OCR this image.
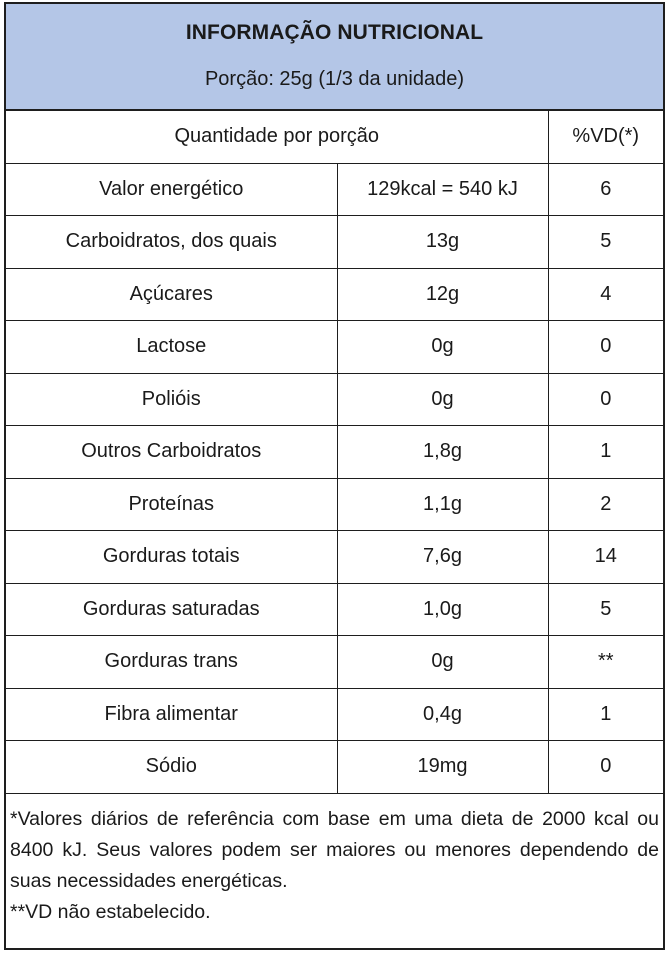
INFORMAÇÃO NUTRICIONAL
Porção: 25g (1/3 da unidade)
Quantidade por porção		%VD(*)
Valor energético	129kcal = 540 kJ	6
Carboidratos, dos quais	13g	5
Açúcares	12g	4
Lactose	0g	0
Polióis	0g	0
Outros Carboidratos	1,8g	1
Proteínas	1,1g	2
Gorduras totais	7,6g	14
Gorduras saturadas	1,0g	5
Gorduras trans	0g	**
Fibra alimentar	0,4g	1
Sódio	19mg	0

*Valores diários de referência com base em uma dieta de 2000 kcal ou 8400 kJ. Seus valores podem ser maiores ou menores dependendo de suas necessidades energéticas.

**VD não estabelecido.
